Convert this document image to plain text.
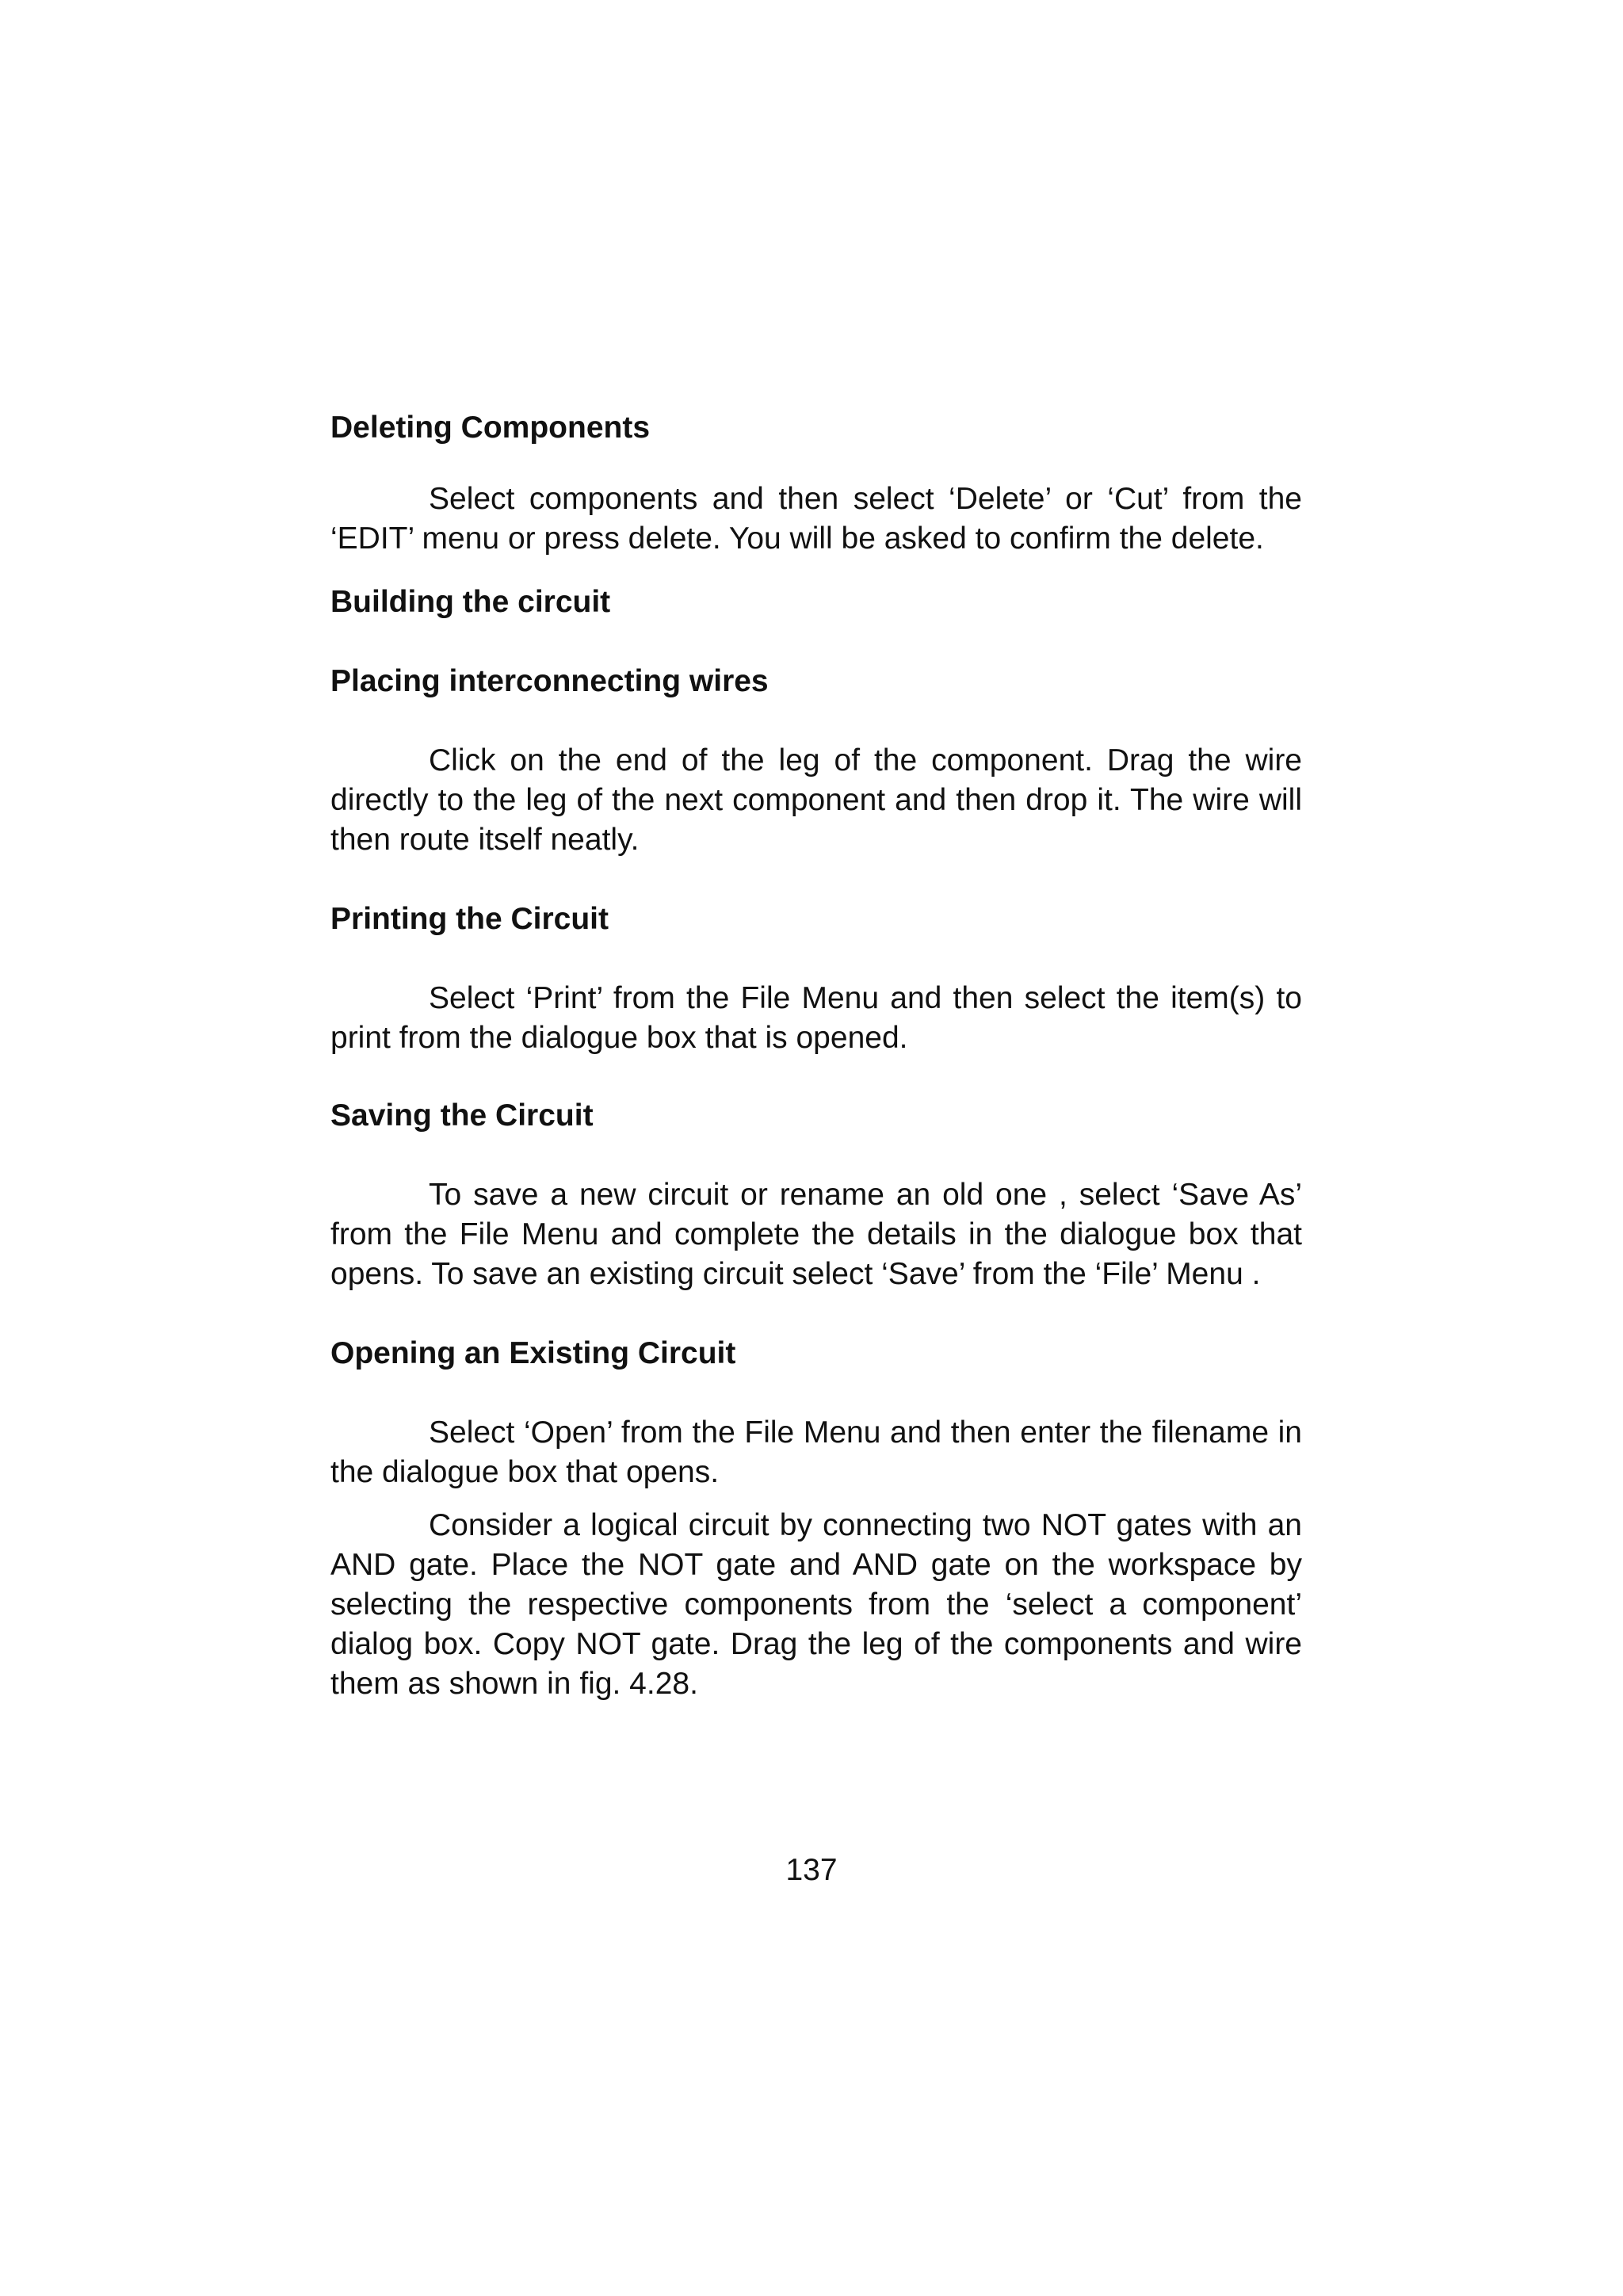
Deleting Components

Select components and then select ‘Delete’ or ‘Cut’ from the ‘EDIT’ menu or press delete. You will be asked to confirm the delete.

Building the circuit

Placing interconnecting wires

Click on the end of the leg of the component. Drag the wire directly to the leg of the next component and then drop it. The wire will then route itself neatly.

Printing the Circuit

Select ‘Print’ from the File Menu and then select the item(s) to print from the dialogue box that is opened.

Saving the Circuit

To save a new circuit or rename an old one , select ‘Save As’ from the File Menu and complete the details in the dialogue box that opens. To save an existing circuit select ‘Save’ from the ‘File’ Menu .

Opening an Existing Circuit

Select ‘Open’ from the File Menu and then enter the filename in the dialogue box that opens.

Consider a logical circuit by connecting two NOT gates with an AND gate. Place the NOT gate and AND gate on the workspace by selecting the respective components from the ‘select a component’ dialog box. Copy NOT gate. Drag the leg of the components and wire them as shown in fig. 4.28.

137
